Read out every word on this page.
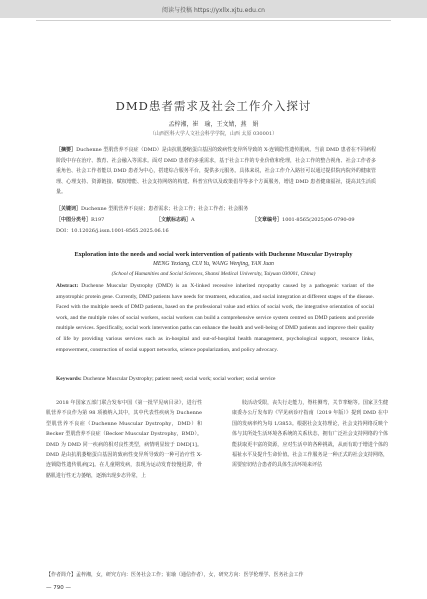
阅读与投稿 https://yxllx.xjtu.edu.cn
DMD患者需求及社会工作介入探讨
孟梓湘，崔　瑜，王文婧，燕　娟
（山西医科大学人文社会科学学院，山西 太原 030001）
［摘要］Duchenne 型肌营养不良症（DMD）是由抗肌萎缩蛋白基因的致病性变异所导致的 X-连锁隐性遗传肌病。当前 DMD 患者在不同病程阶段中存在治疗、教育、社会融入等需求。面对 DMD 患者的多重需求，基于社会工作的专业价值和伦理，社会工作的整合视角、社会工作者多重角色、社会工作者能以 DMD 患者为中心，搭建综合服务平台，提供多元服务。具体来说，社会工作介入路径可以通过提供院内院外的健康管理、心理支持、资源链接、赋权增能、社会支持网络的构建、科普宣传以及政策倡导等多个方面服务，增进 DMD 患者健康福祉，提高其生活质量。
［关键词］Duchenne 型肌营养不良症；患者需求；社会工作；社会工作者；社会服务
［中图分类号］R197	［文献标志码］A	［文章编号］1001-8565(2025)06-0790-09
DOI：10.12026/j.issn.1001-8565.2025.06.16
Exploration into the needs and social work intervention of patients with Duchenne Muscular Dystrophy
MENG Yexiang, CUI Yu, WANG Wenjing, YAN Juan
(School of Humanities and Social Sciences, Shanxi Medical University, Taiyuan 030001, China)
Abstract: Duchenne Muscular Dystrophy (DMD) is an X-linked recessive inherited myopathy caused by a pathogenic variant of the amyotrophic protein gene. Currently, DMD patients have needs for treatment, education, and social integration at different stages of the disease. Faced with the multiple needs of DMD patients, based on the professional value and ethics of social work, the integrative orientation of social work, and the multiple roles of social workers, social workers can build a comprehensive service system centred on DMD patients and provide multiple services. Specifically, social work intervention paths can enhance the health and well-being of DMD patients and improve their quality of life by providing various services such as in-hospital and out-of-hospital health management, psychological support, resource links, empowerment, construction of social support networks, science popularization, and policy advocacy.
Keywords: Duchenne Muscular Dystrophy; patient need; social work; social worker; social service
2018 年国家五部门联合发布中国《第一批罕见病目录》，进行性肌营养不良作为第 98 项被纳入其中，其中代表性疾病为 Duchenne 型肌营养不良症（Duchenne Muscular Dystrophy，DMD）和 Becker 型肌营养不良症（Becker Muscular Dystrophy，BMD）。DMD 为 DMD 同一疾病的相对良性类型，病情明显较于 DMD[1]。DMD 是由抗肌萎缩蛋白基因的致病性变异所导致的一种可治疗性 X-连锁隐性遗传肌病[2]。在儿童期发病，表现为运动发育较慢迟滞，骨骼肌进行性无力萎缩，逐渐出现步态异常，上
肢活动受限，丧失行走能力，脊柱侧弯，关节挛缩等。国家卫生健康委办公厅发布的《罕见病诊疗指南（2019 年版）》提到 DMD 在中国的发病率约为每 1/3853。根据社会支持理论，社会支持网络反映个体与其所处生活环境各系统的关系状态，拥有广泛社会支持网络的个体能获取更丰富的资源，应对生活中的各种挑战，从而有助于增进个体的福祉水平及提升生命价值。社会工作服务是一种正式的社会支持网络，需要密切结合患者的具体生活环境来评估
【作者简介】孟梓湘，女，研究方向：医务社会工作；崔瑜（通信作者），女，研究方向：医学伦理学、医务社会工作
— 790 —
